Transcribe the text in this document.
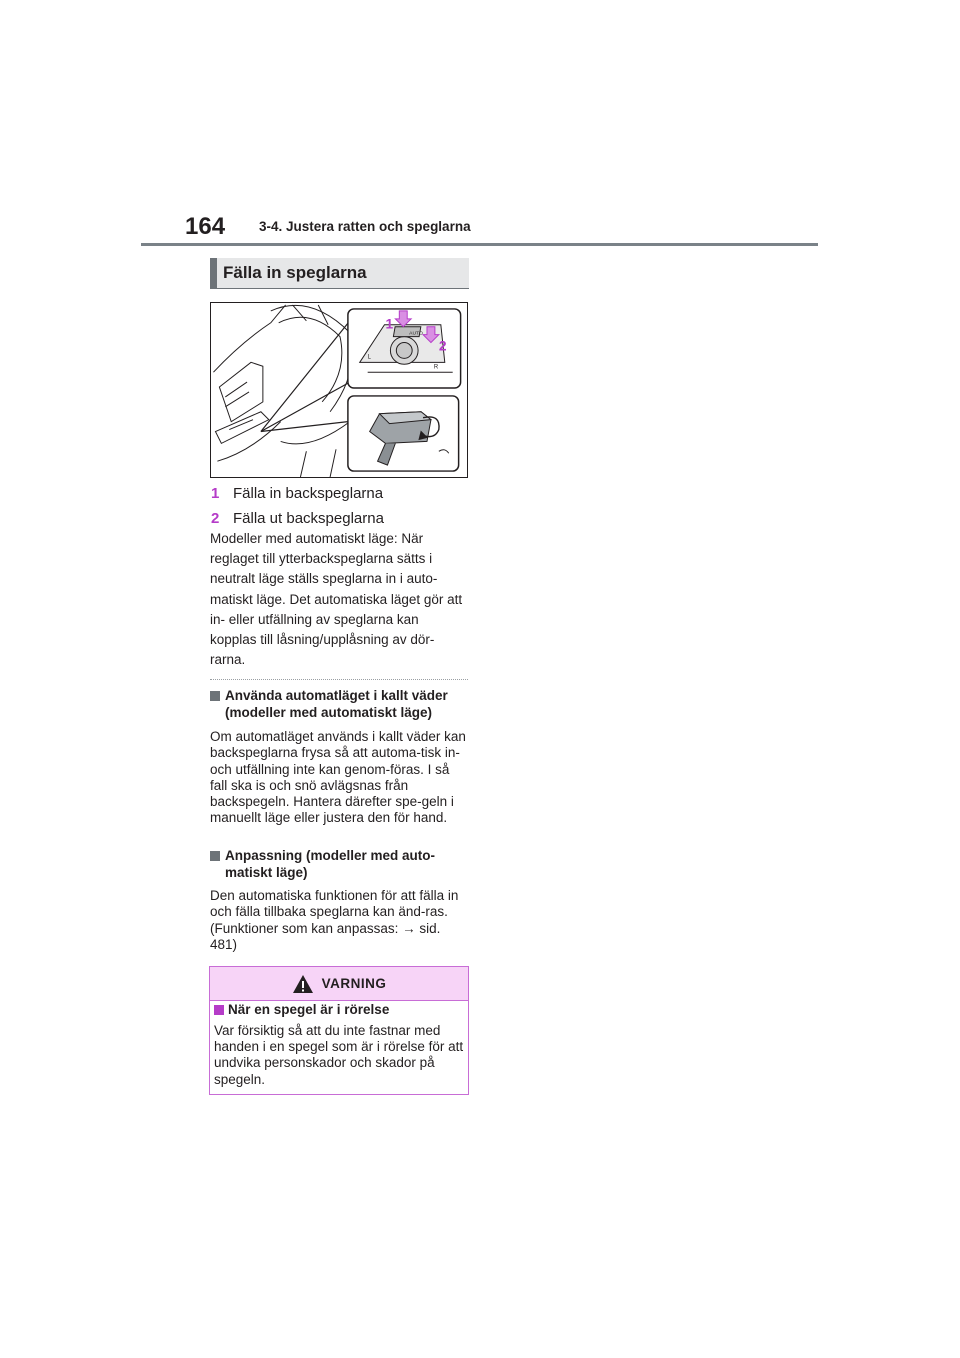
164	3-4. Justera ratten och speglarna
Fälla in speglarna
AUTO
L
R
1
2
1 Fälla in backspeglarna
2 Fälla ut backspeglarna
Modeller med automatiskt läge: När reglaget till ytterbackspeglarna sätts i neutralt läge ställs speglarna in i auto-matiskt läge. Det automatiska läget gör att in- eller utfällning av speglarna kan kopplas till låsning/upplåsning av dör-rarna.
Använda automatläget i kallt väder (modeller med automatiskt läge)
Om automatläget används i kallt väder kan backspeglarna frysa så att automa-tisk in- och utfällning inte kan genom-föras. I så fall ska is och snö avlägsnas från backspegeln. Hantera därefter spe-geln i manuellt läge eller justera den för hand.
Anpassning (modeller med auto-matiskt läge)
Den automatiska funktionen för att fälla in och fälla tillbaka speglarna kan änd-ras. (Funktioner som kan anpassas: → sid. 481)
VARNING
När en spegel är i rörelse
Var försiktig så att du inte fastnar med handen i en spegel som är i rörelse för att undvika personskador och skador på spegeln.
